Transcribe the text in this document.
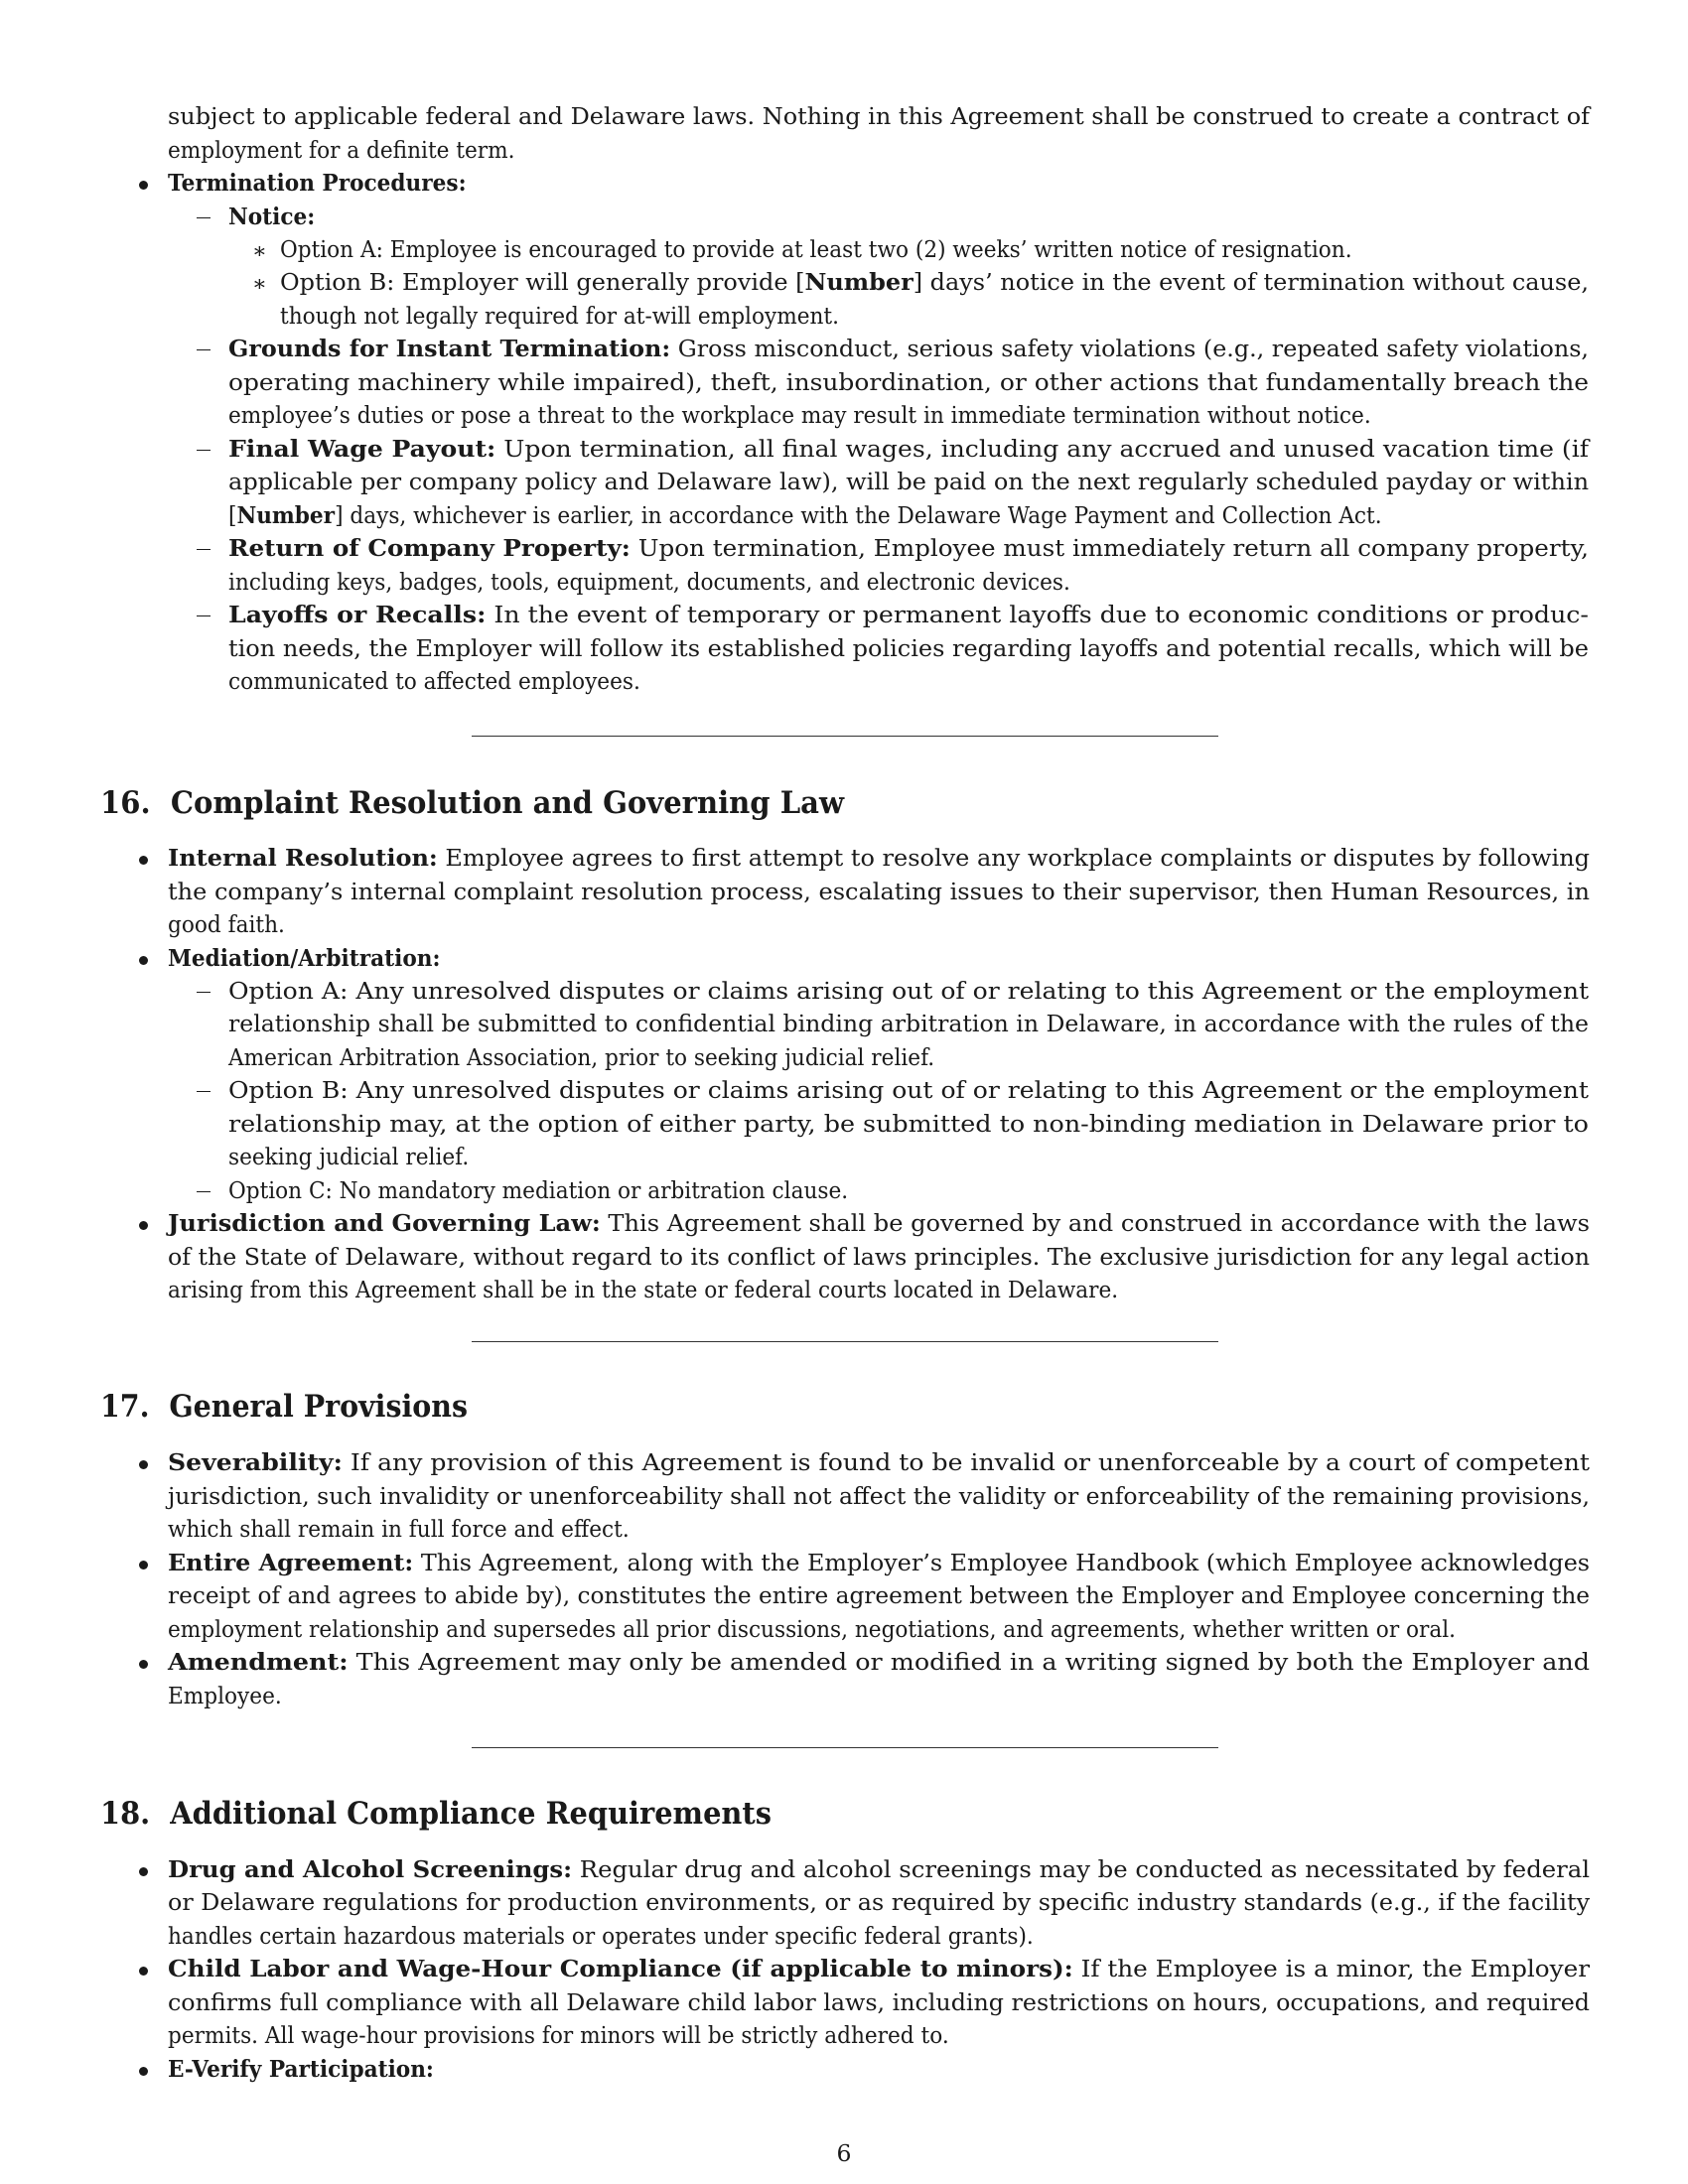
16. Complaint Resolution and Governing Law
17. General Provisions
18. Additional Compliance Requirements
6
subject to applicable federal and Delaware laws. Nothing in this Agreement shall be construed to create a contract of
employment for a definite term.
Termination Procedures:
Notice:
Option A: Employee is encouraged to provide at least two (2) weeks’ written notice of resignation.
Option B: Employer will generally provide [Number] days’ notice in the event of termination without cause,
though not legally required for at-will employment.
Grounds for Instant Termination: Gross misconduct, serious safety violations (e.g., repeated safety violations,
operating machinery while impaired), theft, insubordination, or other actions that fundamentally breach the
employee’s duties or pose a threat to the workplace may result in immediate termination without notice.
Final Wage Payout: Upon termination, all final wages, including any accrued and unused vacation time (if
applicable per company policy and Delaware law), will be paid on the next regularly scheduled payday or within
[Number] days, whichever is earlier, in accordance with the Delaware Wage Payment and Collection Act.
Return of Company Property: Upon termination, Employee must immediately return all company property,
including keys, badges, tools, equipment, documents, and electronic devices.
Layoffs or Recalls: In the event of temporary or permanent layoffs due to economic conditions or produc-
tion needs, the Employer will follow its established policies regarding layoffs and potential recalls, which will be
communicated to affected employees.
Internal Resolution: Employee agrees to first attempt to resolve any workplace complaints or disputes by following
the company’s internal complaint resolution process, escalating issues to their supervisor, then Human Resources, in
good faith.
Mediation/Arbitration:
Option A: Any unresolved disputes or claims arising out of or relating to this Agreement or the employment
relationship shall be submitted to confidential binding arbitration in Delaware, in accordance with the rules of the
American Arbitration Association, prior to seeking judicial relief.
Option B: Any unresolved disputes or claims arising out of or relating to this Agreement or the employment
relationship may, at the option of either party, be submitted to non-binding mediation in Delaware prior to
seeking judicial relief.
Option C: No mandatory mediation or arbitration clause.
Jurisdiction and Governing Law: This Agreement shall be governed by and construed in accordance with the laws
of the State of Delaware, without regard to its conflict of laws principles. The exclusive jurisdiction for any legal action
arising from this Agreement shall be in the state or federal courts located in Delaware.
Severability: If any provision of this Agreement is found to be invalid or unenforceable by a court of competent
jurisdiction, such invalidity or unenforceability shall not affect the validity or enforceability of the remaining provisions,
which shall remain in full force and effect.
Entire Agreement: This Agreement, along with the Employer’s Employee Handbook (which Employee acknowledges
receipt of and agrees to abide by), constitutes the entire agreement between the Employer and Employee concerning the
employment relationship and supersedes all prior discussions, negotiations, and agreements, whether written or oral.
Amendment: This Agreement may only be amended or modified in a writing signed by both the Employer and
Employee.
Drug and Alcohol Screenings: Regular drug and alcohol screenings may be conducted as necessitated by federal
or Delaware regulations for production environments, or as required by specific industry standards (e.g., if the facility
handles certain hazardous materials or operates under specific federal grants).
Child Labor and Wage-Hour Compliance (if applicable to minors): If the Employee is a minor, the Employer
confirms full compliance with all Delaware child labor laws, including restrictions on hours, occupations, and required
permits. All wage-hour provisions for minors will be strictly adhered to.
E-Verify Participation:
∗
∗
